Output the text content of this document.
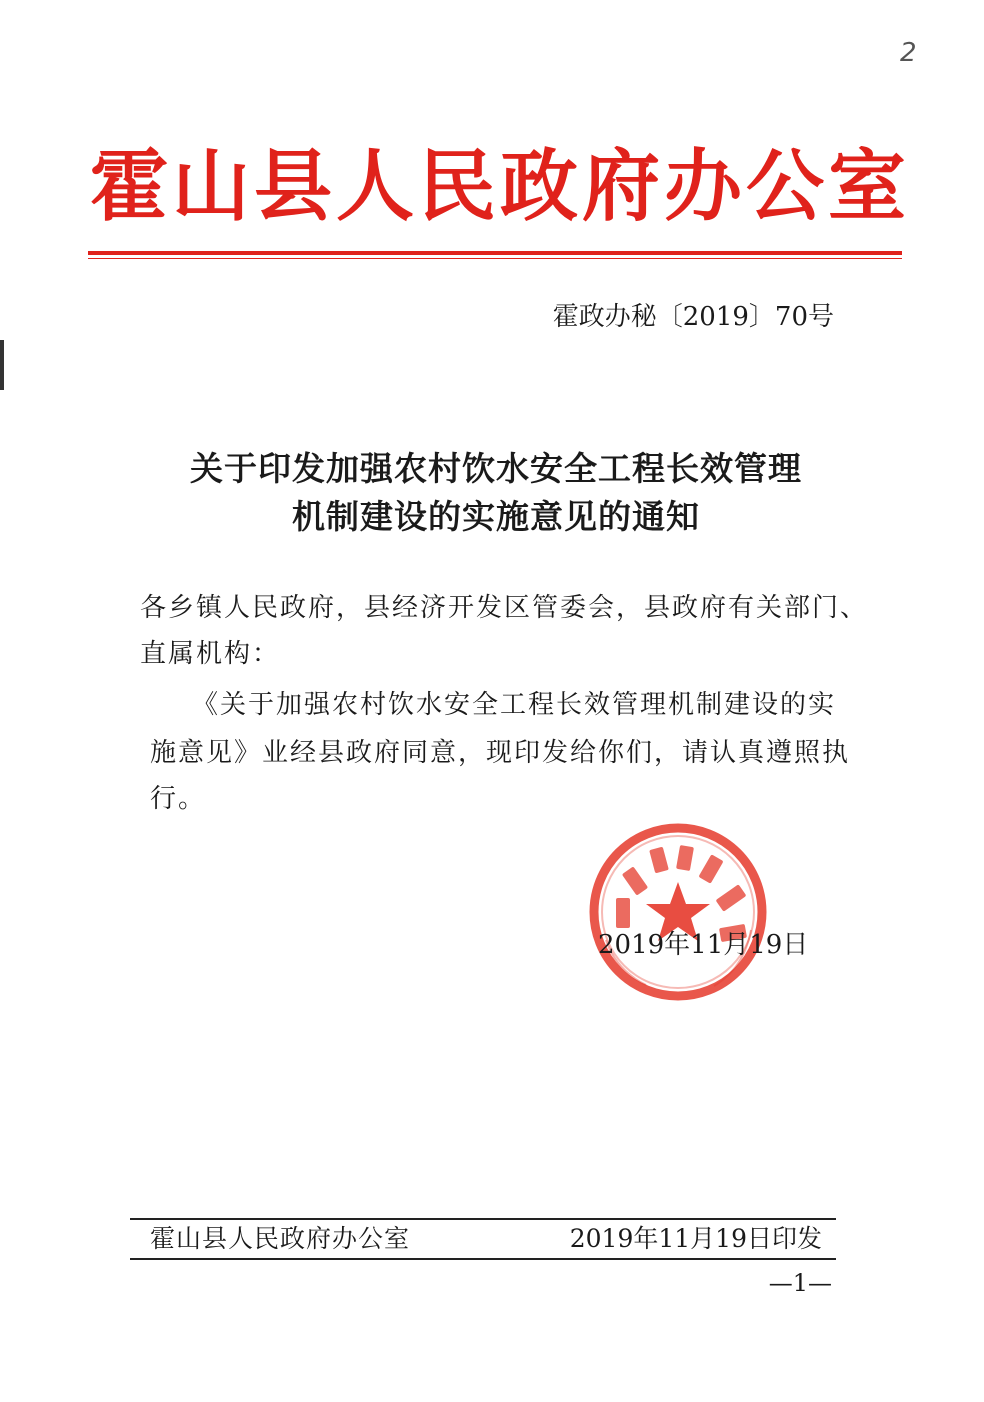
2
霍山县人民政府办公室
霍政办秘〔2019〕70号
关于印发加强农村饮水安全工程长效管理
机制建设的实施意见的通知
各乡镇人民政府，县经济开发区管委会，县政府有关部门、
直属机构：
《关于加强农村饮水安全工程长效管理机制建设的实
施意见》业经县政府同意，现印发给你们，请认真遵照执
行。
2019年11月19日
霍山县人民政府办公室	2019年11月19日印发
—1—
